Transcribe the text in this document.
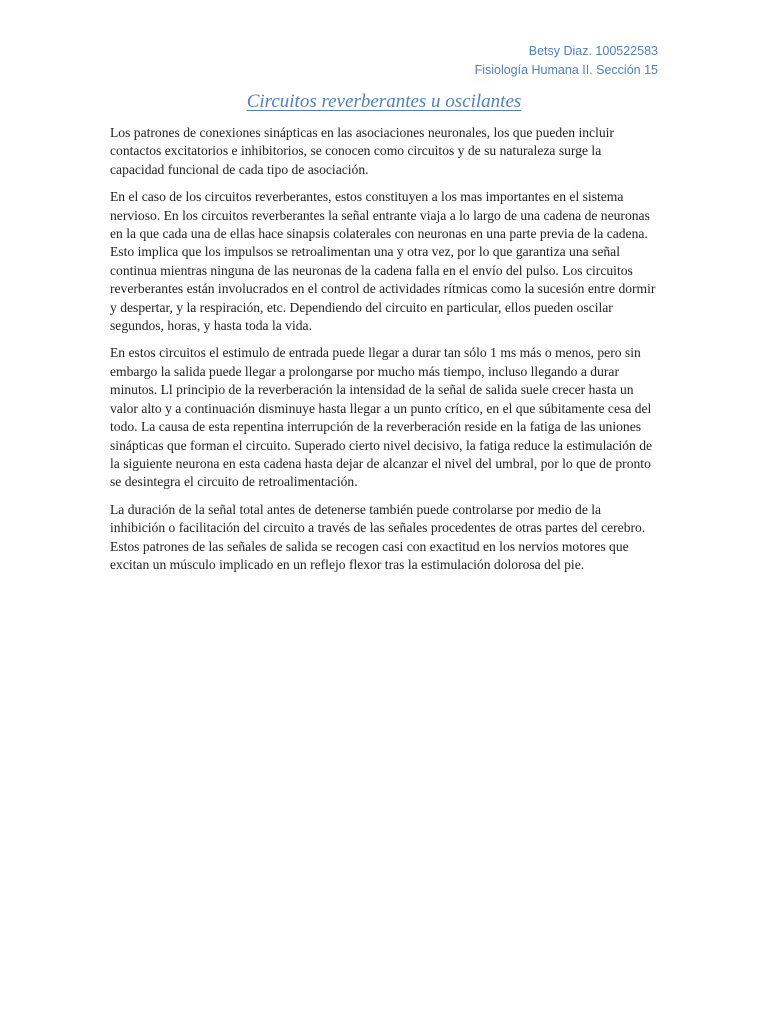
Betsy Diaz. 100522583
Fisiología Humana II. Sección 15
Circuitos reverberantes u oscilantes

Los patrones de conexiones sinápticas en las asociaciones neuronales, los que pueden incluir contactos excitatorios e inhibitorios, se conocen como circuitos y de su naturaleza surge la capacidad funcional de cada tipo de asociación.

En el caso de los circuitos reverberantes, estos constituyen a los mas importantes en el sistema nervioso. En los circuitos reverberantes la señal entrante viaja a lo largo de una cadena de neuronas en la que cada una de ellas hace sinapsis colaterales con neuronas en una parte previa de la cadena. Esto implica que los impulsos se retroalimentan una y otra vez, por lo que garantiza una señal continua mientras ninguna de las neuronas de la cadena falla en el envío del pulso. Los circuitos reverberantes están involucrados en el control de actividades rítmicas como la sucesión entre dormir y despertar, y la respiración, etc. Dependiendo del circuito en particular, ellos pueden oscilar segundos, horas, y hasta toda la vida.

En estos circuitos el estimulo de entrada puede llegar a durar tan sólo 1 ms más o menos, pero sin embargo la salida puede llegar a prolongarse por mucho más tiempo, incluso llegando a durar minutos. Ll principio de la reverberación la intensidad de la señal de salida suele crecer hasta un valor alto y a continuación disminuye hasta llegar a un punto crítico, en el que súbitamente cesa del todo. La causa de esta repentina interrupción de la reverberación reside en la fatiga de las uniones sinápticas que forman el circuito. Superado cierto nivel decisivo, la fatiga reduce la estimulación de la siguiente neurona en esta cadena hasta dejar de alcanzar el nivel del umbral, por lo que de pronto se desintegra el circuito de retroalimentación.

La duración de la señal total antes de detenerse también puede controlarse por medio de la inhibición o facilitación del circuito a través de las señales procedentes de otras partes del cerebro. Estos patrones de las señales de salida se recogen casi con exactitud en los nervios motores que excitan un músculo implicado en un reflejo flexor tras la estimulación dolorosa del pie.
